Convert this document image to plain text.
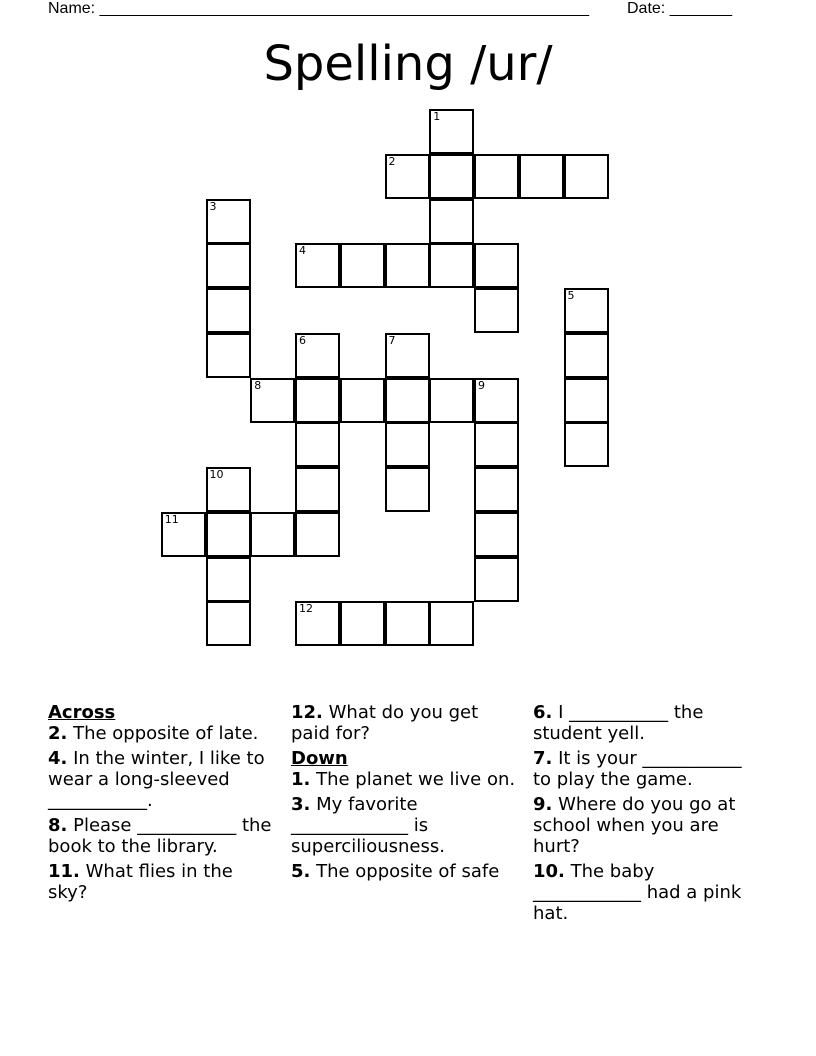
Name: _______________________________________________________ Date: _______
Spelling /ur/
1
2
3
4
5
6	7
8	9
10
11
12
Across
2. The opposite of late.
4. In the winter, I like to wear a long-sleeved ___________.
8. Please ___________ the book to the library.
11. What flies in the sky?
12. What do you get paid for?
Down
1. The planet we live on.
3. My favorite _____________ is superciliousness.
5. The opposite of safe
6. I ___________ the student yell.
7. It is your ___________ to play the game.
9. Where do you go at school when you are hurt?
10. The baby ____________ had a pink hat.
